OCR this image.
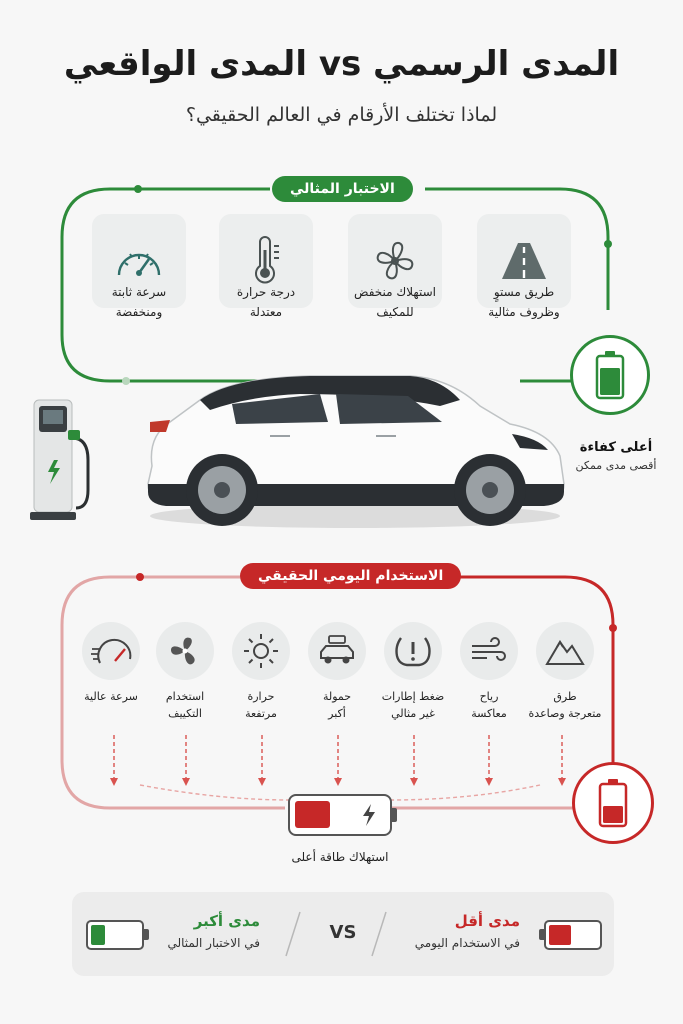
المدى الرسمي vs المدى الواقعي
لماذا تختلف الأرقام في العالم الحقيقي؟
الاختبار المثالي
طريق مستوٍ
وظروف مثالية
استهلاك منخفض
للمكيف
درجة حرارة
معتدلة
سرعة ثابتة
ومنخفضة
أعلى كفاءة
أقصى مدى ممكن
الاستخدام اليومي الحقيقي
طرق
متعرجة وصاعدة
رياح
معاكسة
ضغط إطارات
غير مثالي
حمولة
أكبر
حرارة
مرتفعة
استخدام
التكييف
سرعة عالية
استهلاك طاقة أعلى
مدى أقل
في الاستخدام اليومي
VS
مدى أكبر
في الاختبار المثالي
